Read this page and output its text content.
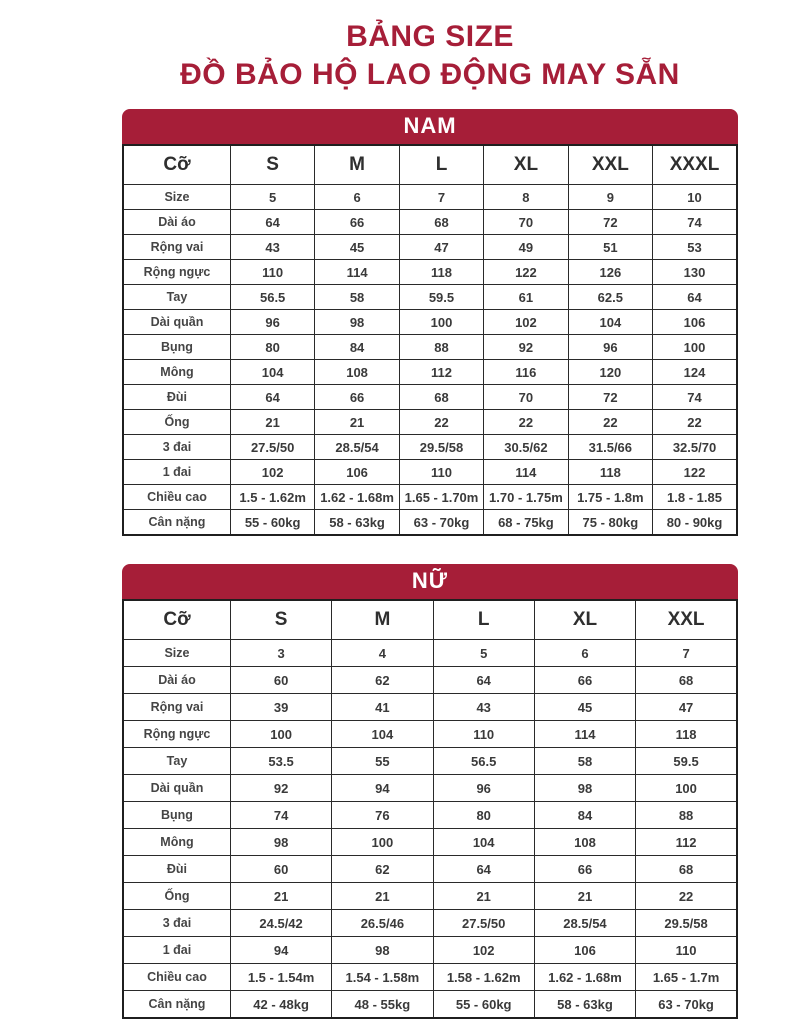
BẢNG SIZE
ĐỒ BẢO HỘ LAO ĐỘNG MAY SẴN
NAM
Cỡ	S	M	L	XL	XXL	XXXL
Size	5	6	7	8	9	10
Dài áo	64	66	68	70	72	74
Rộng vai	43	45	47	49	51	53
Rộng ngực	110	114	118	122	126	130
Tay	56.5	58	59.5	61	62.5	64
Dài quần	96	98	100	102	104	106
Bụng	80	84	88	92	96	100
Mông	104	108	112	116	120	124
Đùi	64	66	68	70	72	74
Ống	21	21	22	22	22	22
3 đai	27.5/50	28.5/54	29.5/58	30.5/62	31.5/66	32.5/70
1 đai	102	106	110	114	118	122
Chiều cao	1.5 - 1.62m	1.62 - 1.68m	1.65 - 1.70m	1.70 - 1.75m	1.75 - 1.8m	1.8 - 1.85
Cân nặng	55 - 60kg	58 - 63kg	63 - 70kg	68 - 75kg	75 - 80kg	80 - 90kg
NỮ
Cỡ	S	M	L	XL	XXL
Size	3	4	5	6	7
Dài áo	60	62	64	66	68
Rộng vai	39	41	43	45	47
Rộng ngực	100	104	110	114	118
Tay	53.5	55	56.5	58	59.5
Dài quần	92	94	96	98	100
Bụng	74	76	80	84	88
Mông	98	100	104	108	112
Đùi	60	62	64	66	68
Ống	21	21	21	21	22
3 đai	24.5/42	26.5/46	27.5/50	28.5/54	29.5/58
1 đai	94	98	102	106	110
Chiều cao	1.5 - 1.54m	1.54 - 1.58m	1.58 - 1.62m	1.62 - 1.68m	1.65 - 1.7m
Cân nặng	42 - 48kg	48 - 55kg	55 - 60kg	58 - 63kg	63 - 70kg
